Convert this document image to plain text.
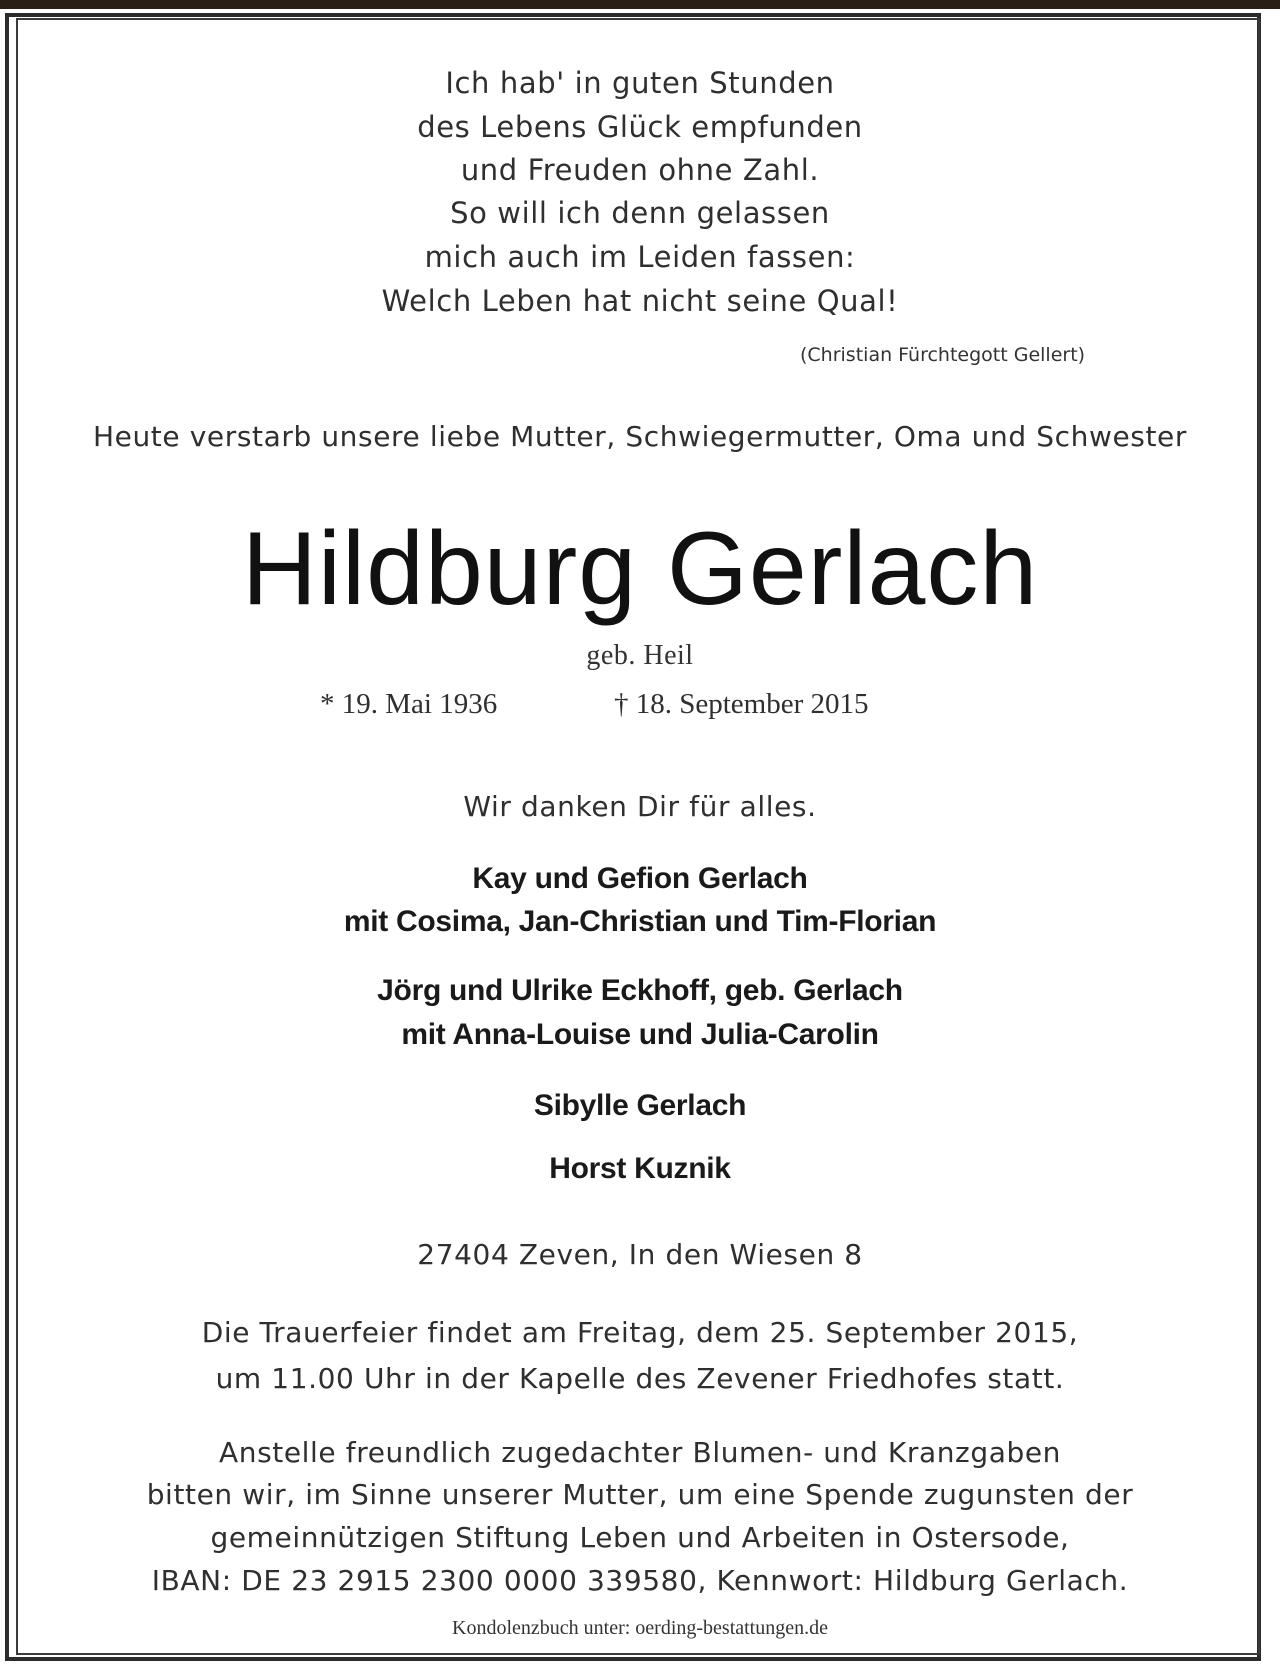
Ich hab' in guten Stunden
des Lebens Glück empfunden
und Freuden ohne Zahl.
So will ich denn gelassen
mich auch im Leiden fassen:
Welch Leben hat nicht seine Qual!
(Christian Fürchtegott Gellert)
Heute verstarb unsere liebe Mutter, Schwiegermutter, Oma und Schwester
Hildburg Gerlach
geb. Heil
* 19. Mai 1936	† 18. September 2015
Wir danken Dir für alles.
Kay und Gefion Gerlach
mit Cosima, Jan-Christian und Tim-Florian
Jörg und Ulrike Eckhoff, geb. Gerlach
mit Anna-Louise und Julia-Carolin
Sibylle Gerlach
Horst Kuznik
27404 Zeven, In den Wiesen 8
Die Trauerfeier findet am Freitag, dem 25. September 2015,
um 11.00 Uhr in der Kapelle des Zevener Friedhofes statt.
Anstelle freundlich zugedachter Blumen- und Kranzgaben
bitten wir, im Sinne unserer Mutter, um eine Spende zugunsten der
gemeinnützigen Stiftung Leben und Arbeiten in Ostersode,
IBAN: DE 23 2915 2300 0000 339580, Kennwort: Hildburg Gerlach.
Kondolenzbuch unter: oerding-bestattungen.de
